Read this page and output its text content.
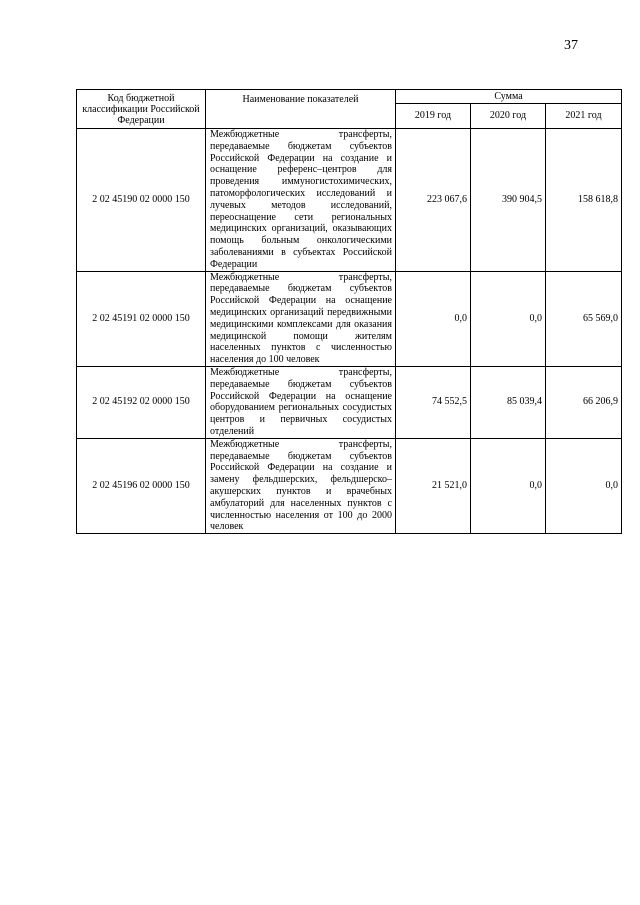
37
Код бюджетной классификации Российской Федерации	Наименование показателей	Сумма		
		2019 год	2020 год	2021 год
2 02 45190 02 0000 150	Межбюджетные трансферты, передаваемые бюджетам субъектов Российской Федерации на создание и оснащение референс–центров для проведения иммуногистохимических, патоморфологических исследований и лучевых методов исследований, переоснащение сети региональных медицинских организаций, оказывающих помощь больным онкологическими заболеваниями в субъектах Российской Федерации	223 067,6	390 904,5	158 618,8
2 02 45191 02 0000 150	Межбюджетные трансферты, передаваемые бюджетам субъектов Российской Федерации на оснащение медицинских организаций передвижными медицинскими комплексами для оказания медицинской помощи жителям населенных пунктов с численностью населения до 100 человек	0,0	0,0	65 569,0
2 02 45192 02 0000 150	Межбюджетные трансферты, передаваемые бюджетам субъектов Российской Федерации на оснащение оборудованием региональных сосудистых центров и первичных сосудистых отделений	74 552,5	85 039,4	66 206,9
2 02 45196 02 0000 150	Межбюджетные трансферты, передаваемые бюджетам субъектов Российской Федерации на создание и замену фельдшерских, фельдшерско–акушерских пунктов и врачебных амбулаторий для населенных пунктов с численностью населения от 100 до 2000 человек	21 521,0	0,0	0,0
